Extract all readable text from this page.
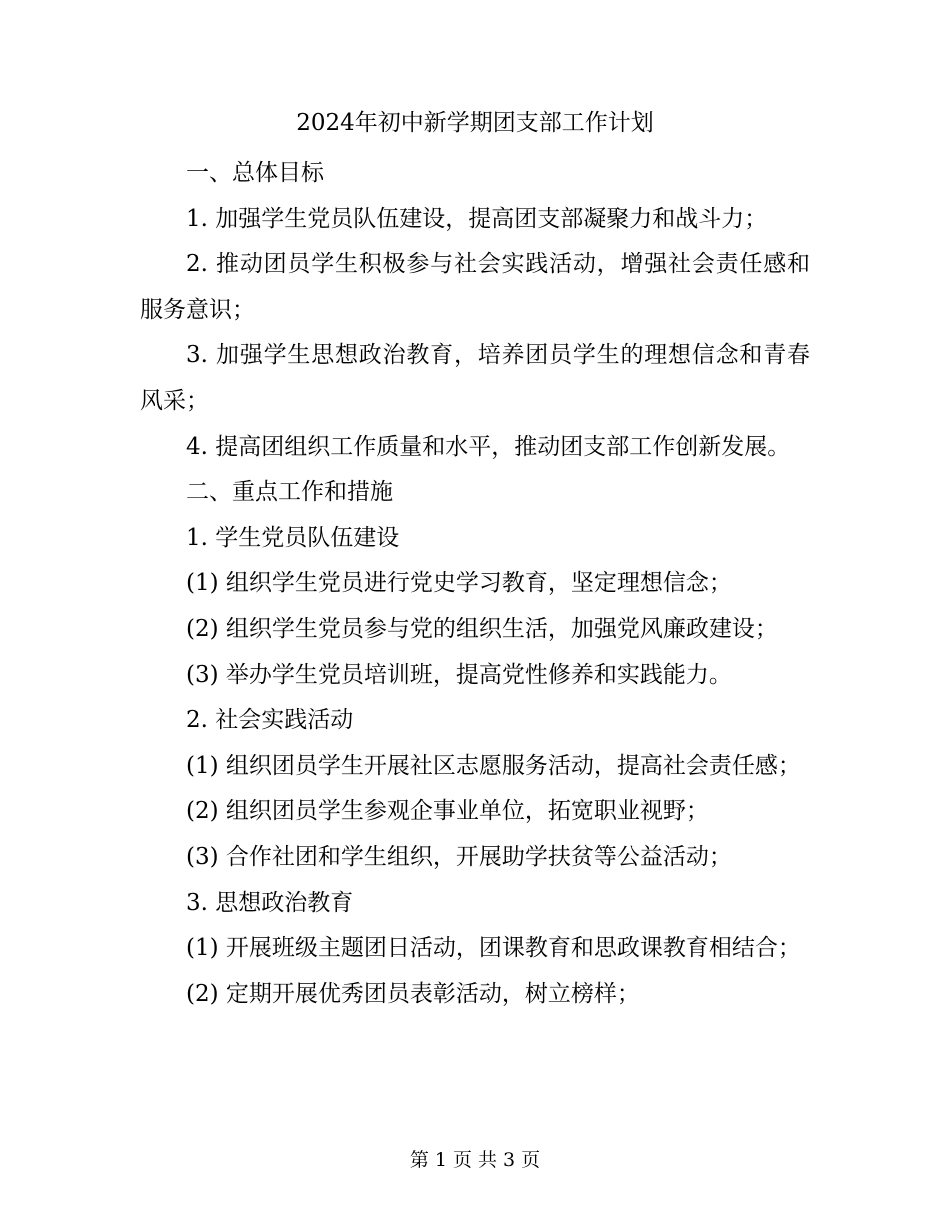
2024年初中新学期团支部工作计划

一、总体目标

1. 加强学生党员队伍建设，提高团支部凝聚力和战斗力；

2. 推动团员学生积极参与社会实践活动，增强社会责任感和服务意识；

3. 加强学生思想政治教育，培养团员学生的理想信念和青春风采；

4. 提高团组织工作质量和水平，推动团支部工作创新发展。

二、重点工作和措施

1. 学生党员队伍建设

(1) 组织学生党员进行党史学习教育，坚定理想信念；

(2) 组织学生党员参与党的组织生活，加强党风廉政建设；

(3) 举办学生党员培训班，提高党性修养和实践能力。

2. 社会实践活动

(1) 组织团员学生开展社区志愿服务活动，提高社会责任感；

(2) 组织团员学生参观企事业单位，拓宽职业视野；

(3) 合作社团和学生组织，开展助学扶贫等公益活动；

3. 思想政治教育

(1) 开展班级主题团日活动，团课教育和思政课教育相结合；

(2) 定期开展优秀团员表彰活动，树立榜样；

第 1 页 共 3 页
